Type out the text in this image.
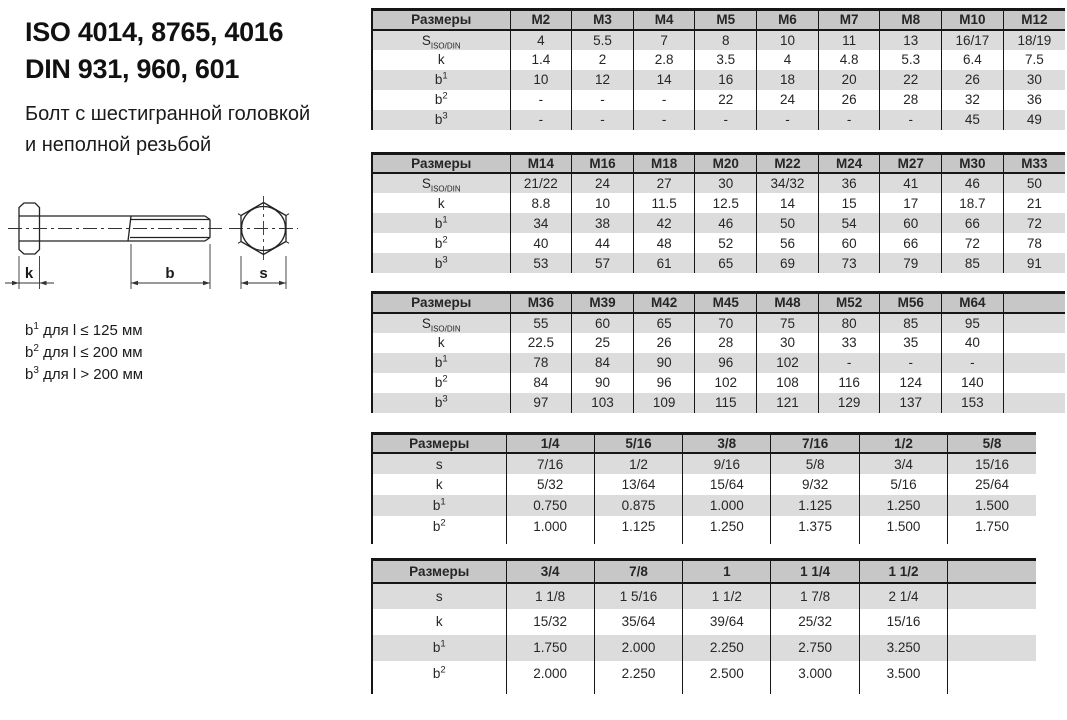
ISO 4014, 8765, 4016
DIN 931, 960, 601
Болт с шестигранной головкой
и неполной резьбой
k	b	s
$b^1$ для l ≤ 125 мм
$b^2$ для l ≤ 200 мм
$b^3$ для l > 200 мм
Размеры	M2	M3	M4	M5	M6	M7	M8	M10	M12
$S_{ISO/DIN}$	4	5.5	7	8	10	11	13	16/17	18/19
k	1.4	2	2.8	3.5	4	4.8	5.3	6.4	7.5
$b^1$	10	12	14	16	18	20	22	26	30
$b^2$	-	-	-	22	24	26	28	32	36
$b^3$	-	-	-	-	-	-	-	45	49
Размеры	M14	M16	M18	M20	M22	M24	M27	M30	M33
$S_{ISO/DIN}$	21/22	24	27	30	34/32	36	41	46	50
k	8.8	10	11.5	12.5	14	15	17	18.7	21
$b^1$	34	38	42	46	50	54	60	66	72
$b^2$	40	44	48	52	56	60	66	72	78
$b^3$	53	57	61	65	69	73	79	85	91
Размеры	M36	M39	M42	M45	M48	M52	M56	M64	
$S_{ISO/DIN}$	55	60	65	70	75	80	85	95	
k	22.5	25	26	28	30	33	35	40	
$b^1$	78	84	90	96	102	-	-	-	
$b^2$	84	90	96	102	108	116	124	140	
$b^3$	97	103	109	115	121	129	137	153	
Размеры	1/4	5/16	3/8	7/16	1/2	5/8
s	7/16	1/2	9/16	5/8	3/4	15/16
k	5/32	13/64	15/64	9/32	5/16	25/64
$b^1$	0.750	0.875	1.000	1.125	1.250	1.500
$b^2$	1.000	1.125	1.250	1.375	1.500	1.750

Размеры	3/4	7/8	1	1 1/4	1 1/2	
s	1 1/8	1 5/16	1 1/2	1 7/8	2 1/4	
k	15/32	35/64	39/64	25/32	15/16	
$b^1$	1.750	2.000	2.250	2.750	3.250	
$b^2$	2.000	2.250	2.500	3.000	3.500	
